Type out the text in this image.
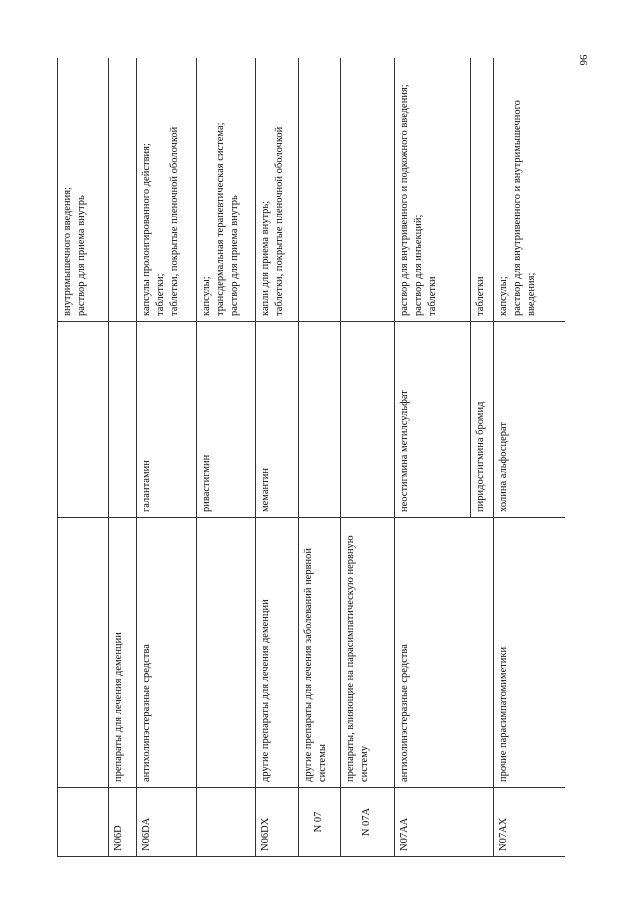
96

			внутримышечного введения; раствор для приема внутрь

N06D	препараты для лечения деменции		
N06DA	антихолинэстеразные средства	галантамин	капсулы пролонгированного действия; таблетки; таблетки, покрытые пленочной оболочкой

		ривастигмин	капсулы; трансдермальная терапевтическая система; раствор для приема внутрь

N06DX	другие препараты для лечения деменции	мемантин	капли для приема внутрь; таблетки, покрытые пленочной оболочкой

N 07	другие препараты для лечения заболеваний нервной системы		
N 07A	препараты, влияющие на парасимпатическую нервную систему		
N07AA	антихолинэстеразные средства	неостигмина метилсульфат	раствор для внутривенного и подкожного введения; раствор для инъекций; таблетки

		пиридостигмина бромид	таблетки

N07AX	прочие парасимпатомиметики	холина альфосцерат	капсулы; раствор для внутривенного и внутримышечного введения;
